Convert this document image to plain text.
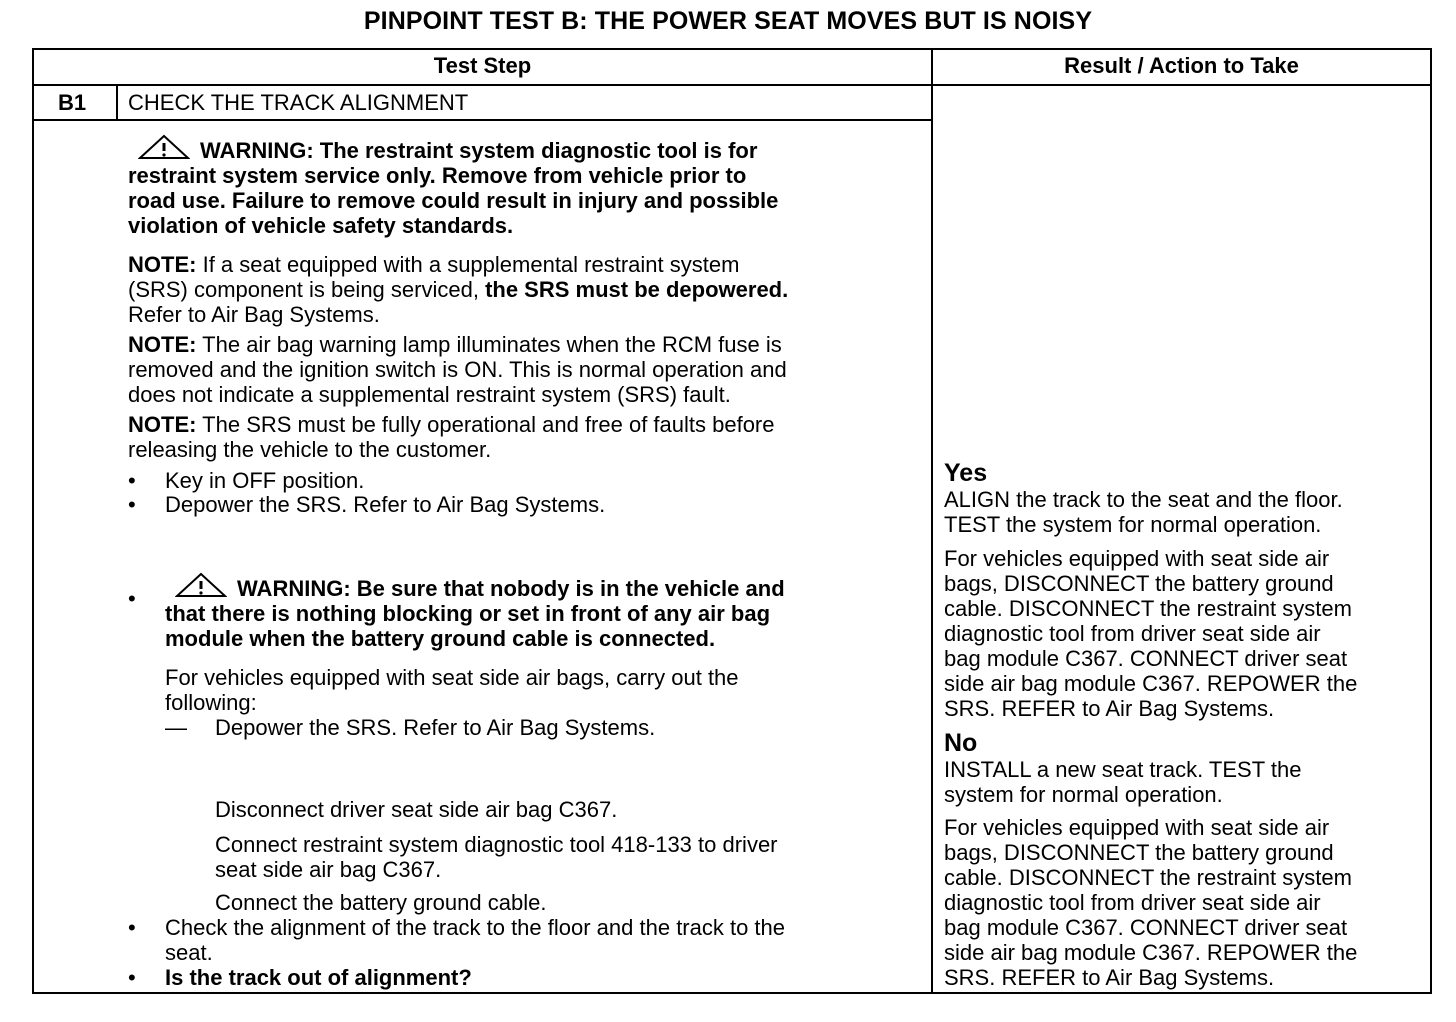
PINPOINT TEST B: THE POWER SEAT MOVES BUT IS NOISY
Test Step	Result / Action to Take
B1 CHECK THE TRACK ALIGNMENT
WARNING: The restraint system diagnostic tool is for
restraint system service only. Remove from vehicle prior to
road use. Failure to remove could result in injury and possible
violation of vehicle safety standards.
NOTE: If a seat equipped with a supplemental restraint system
(SRS) component is being serviced, the SRS must be depowered.
Refer to Air Bag Systems.
NOTE: The air bag warning lamp illuminates when the RCM fuse is
removed and the ignition switch is ON. This is normal operation and
does not indicate a supplemental restraint system (SRS) fault.
NOTE: The SRS must be fully operational and free of faults before
releasing the vehicle to the customer.
• Key in OFF position.
• Depower the SRS. Refer to Air Bag Systems.
•	WARNING: Be sure that nobody is in the vehicle and
that there is nothing blocking or set in front of any air bag
module when the battery ground cable is connected.
For vehicles equipped with seat side air bags, carry out the
following:
— Depower the SRS. Refer to Air Bag Systems.
Disconnect driver seat side air bag C367.
Connect restraint system diagnostic tool 418-133 to driver
seat side air bag C367.
Connect the battery ground cable.
• Check the alignment of the track to the floor and the track to the
seat.
• Is the track out of alignment?
Yes
ALIGN the track to the seat and the floor.
TEST the system for normal operation.
For vehicles equipped with seat side air
bags, DISCONNECT the battery ground
cable. DISCONNECT the restraint system
diagnostic tool from driver seat side air
bag module C367. CONNECT driver seat
side air bag module C367. REPOWER the
SRS. REFER to Air Bag Systems.
No
INSTALL a new seat track. TEST the
system for normal operation.
For vehicles equipped with seat side air
bags, DISCONNECT the battery ground
cable. DISCONNECT the restraint system
diagnostic tool from driver seat side air
bag module C367. CONNECT driver seat
side air bag module C367. REPOWER the
SRS. REFER to Air Bag Systems.
